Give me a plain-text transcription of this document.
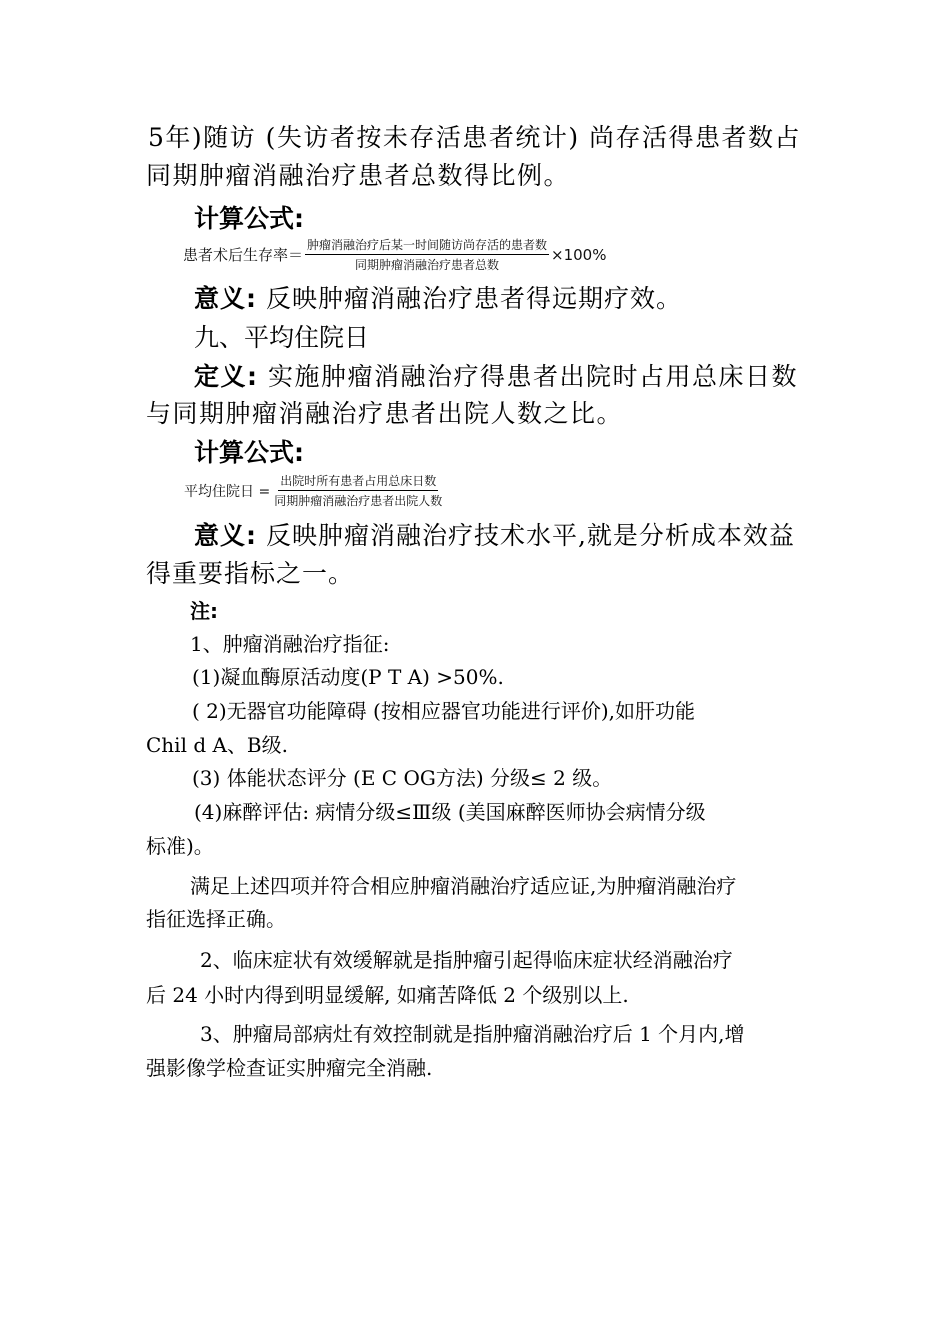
5年)随访 (失访者按未存活患者统计) 尚存活得患者数占
同期肿瘤消融治疗患者总数得比例。
计算公式:
患者术后生存率＝ $\frac{\text{肿瘤消融治疗后某一时间随访尚存活的患者数}}{\text{同期肿瘤消融治疗患者总数}} \times 100\%$
意义: 反映肿瘤消融治疗患者得远期疗效。
九、平均住院日
定义: 实施肿瘤消融治疗得患者出院时占用总床日数
与同期肿瘤消融治疗患者出院人数之比。
计算公式:
平均住院日 = $\frac{\text{出院时所有患者占用总床日数}}{\text{同期肿瘤消融治疗患者出院人数}}$
意义: 反映肿瘤消融治疗技术水平,就是分析成本效益
得重要指标之一。
注:
1、肿瘤消融治疗指征:
(1)凝血酶原活动度(P T A) >50%.
( 2)无器官功能障碍 (按相应器官功能进行评价),如肝功能
Chil d A、B级.
(3) 体能状态评分 (E C OG方法) 分级≤ 2 级。
(4)麻醉评估: 病情分级≤Ⅲ级 (美国麻醉医师协会病情分级
标准)。
满足上述四项并符合相应肿瘤消融治疗适应证,为肿瘤消融治疗
指征选择正确。
2、临床症状有效缓解就是指肿瘤引起得临床症状经消融治疗
后 24 小时内得到明显缓解, 如痛苦降低 2 个级别以上.
3、肿瘤局部病灶有效控制就是指肿瘤消融治疗后 1 个月内,增
强影像学检查证实肿瘤完全消融.
